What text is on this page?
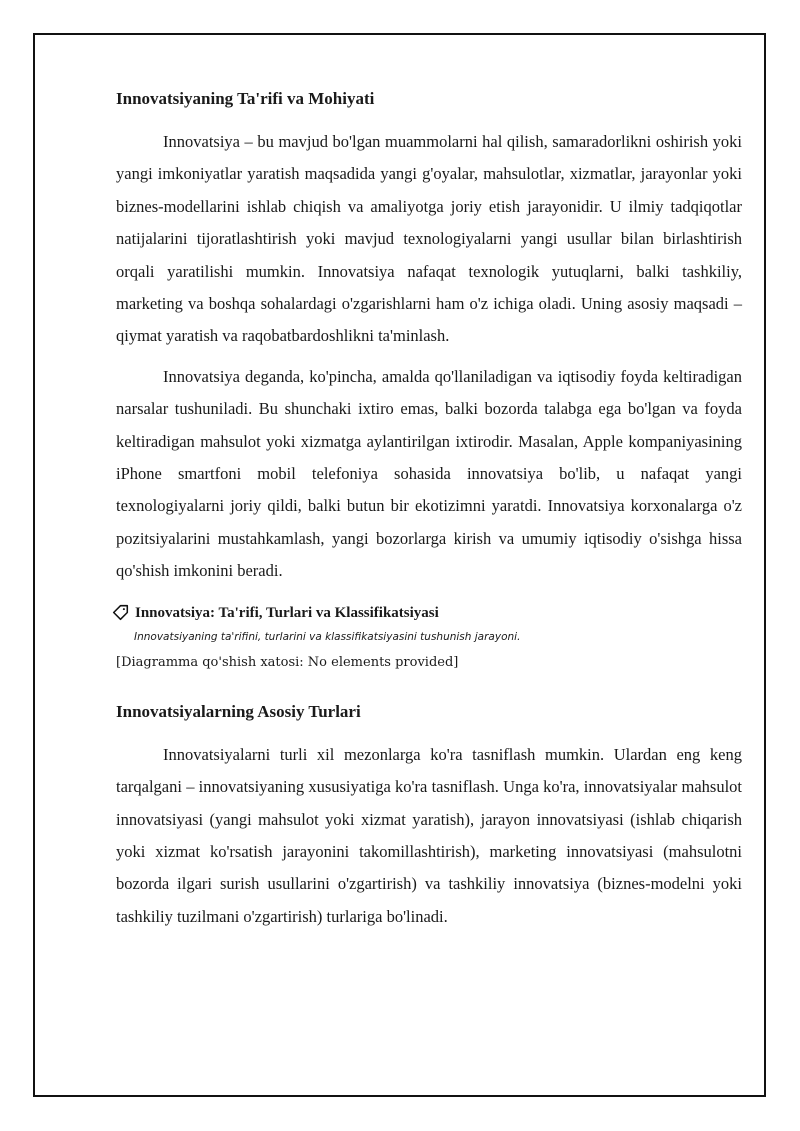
Innovatsiyaning Ta'rifi va Mohiyati

Innovatsiya – bu mavjud bo'lgan muammolarni hal qilish, samaradorlikni oshirish yoki yangi imkoniyatlar yaratish maqsadida yangi g'oyalar, mahsulotlar, xizmatlar, jarayonlar yoki biznes-modellarini ishlab chiqish va amaliyotga joriy etish jarayonidir. U ilmiy tadqiqotlar natijalarini tijoratlashtirish yoki mavjud texnologiyalarni yangi usullar bilan birlashtirish orqali yaratilishi mumkin. Innovatsiya nafaqat texnologik yutuqlarni, balki tashkiliy, marketing va boshqa sohalardagi o'zgarishlarni ham o'z ichiga oladi. Uning asosiy maqsadi – qiymat yaratish va raqobatbardoshlikni ta'minlash.

Innovatsiya deganda, ko'pincha, amalda qo'llaniladigan va iqtisodiy foyda keltiradigan narsalar tushuniladi. Bu shunchaki ixtiro emas, balki bozorda talabga ega bo'lgan va foyda keltiradigan mahsulot yoki xizmatga aylantirilgan ixtirodir. Masalan, Apple kompaniyasining iPhone smartfoni mobil telefoniya sohasida innovatsiya bo'lib, u nafaqat yangi texnologiyalarni joriy qildi, balki butun bir ekotizimni yaratdi. Innovatsiya korxonalarga o'z pozitsiyalarini mustahkamlash, yangi bozorlarga kirish va umumiy iqtisodiy o'sishga hissa qo'shish imkonini beradi.

Innovatsiya: Ta'rifi, Turlari va Klassifikatsiyasi
Innovatsiyaning ta'rifini, turlarini va klassifikatsiyasini tushunish jarayoni.
[Diagramma qo'shish xatosi: No elements provided]
Innovatsiyalarning Asosiy Turlari

Innovatsiyalarni turli xil mezonlarga ko'ra tasniflash mumkin. Ulardan eng keng tarqalgani – innovatsiyaning xususiyatiga ko'ra tasniflash. Unga ko'ra, innovatsiyalar mahsulot innovatsiyasi (yangi mahsulot yoki xizmat yaratish), jarayon innovatsiyasi (ishlab chiqarish yoki xizmat ko'rsatish jarayonini takomillashtirish), marketing innovatsiyasi (mahsulotni bozorda ilgari surish usullarini o'zgartirish) va tashkiliy innovatsiya (biznes-modelni yoki tashkiliy tuzilmani o'zgartirish) turlariga bo'linadi.
